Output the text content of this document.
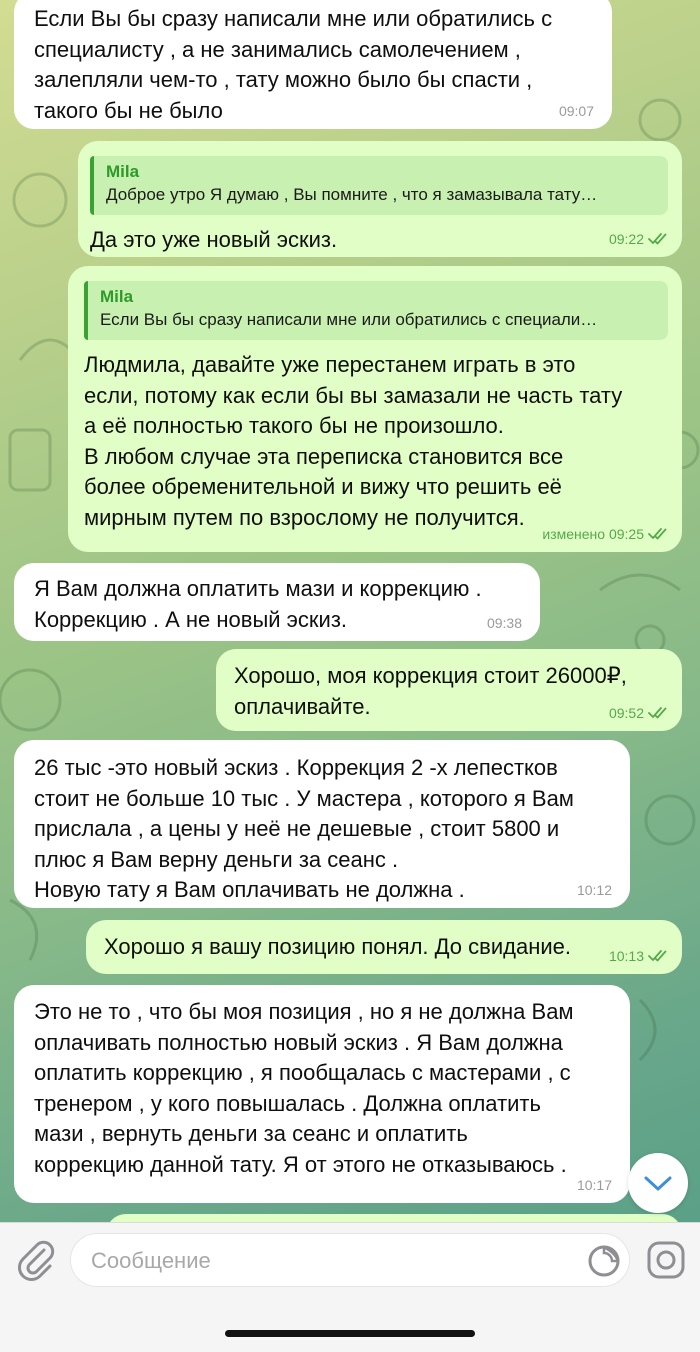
Если Вы бы сразу написали мне или обратились с
специалисту , а не занимались самолечением ,
залепляли чем-то , тату можно было бы спасти ,
такого бы не было	09:07
Mila
Доброе утро Я думаю , Вы помните , что я замазывала тату…
Да это уже новый эскиз.	09:22
Mila
Если Вы бы сразу написали мне или обратились с специали…
Людмила, давайте уже перестанем играть в это
если, потому как если бы вы замазали не часть тату
а её полностью такого бы не произошло.
В любом случае эта переписка становится все
более обременительной и вижу что решить её
мирным путем по взрослому не получится.
изменено 09:25
Я Вам должна оплатить мази и коррекцию .
Коррекцию . А не новый эскиз.	09:38
Хорошо, моя коррекция стоит 26000₽,
оплачивайте.	09:52
26 тыс -это новый эскиз . Коррекция 2 -х лепестков
стоит не больше 10 тыс . У мастера , которого я Вам
прислала , а цены у неё не дешевые , стоит 5800 и
плюс я Вам верну деньги за сеанс .
Новую тату я Вам оплачивать не должна .	10:12
Хорошо я вашу позицию понял. До свидание.	10:13
Это не то , что бы моя позиция , но я не должна Вам
оплачивать полностью новый эскиз . Я Вам должна
оплатить коррекцию , я пообщалась с мастерами , с
тренером , у кого повышалась . Должна оплатить
мази , вернуть деньги за сеанс и оплатить
коррекцию данной тату. Я от этого не отказываюсь .
10:17
Сообщение
